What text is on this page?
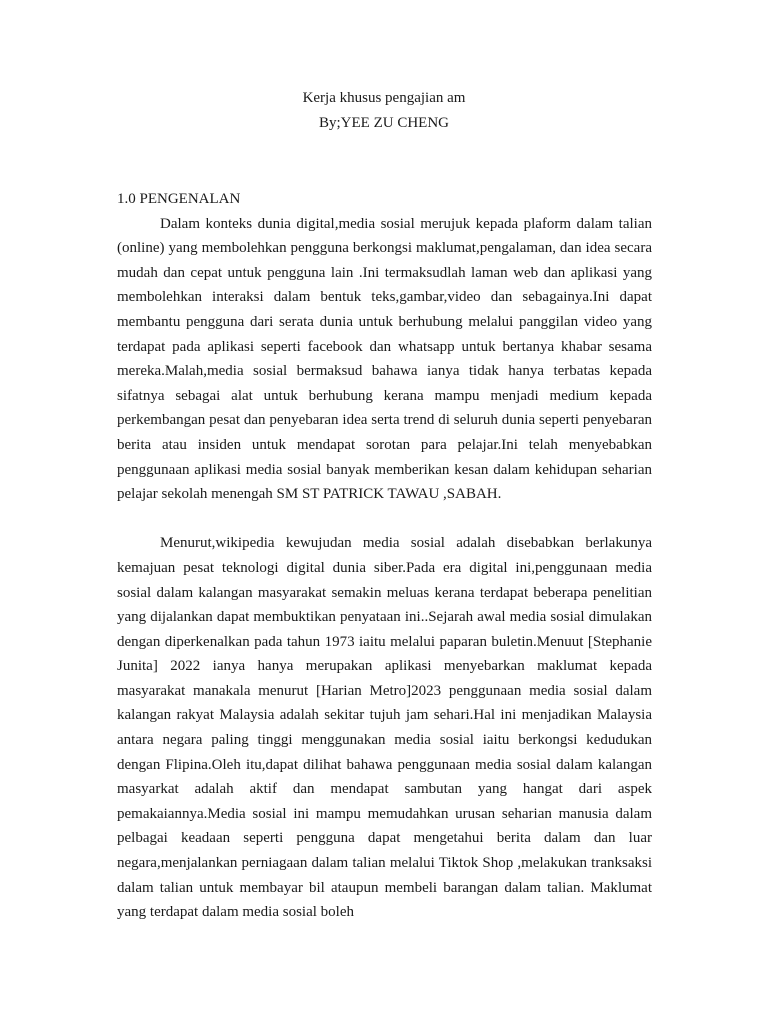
Kerja khusus pengajian am
By;YEE ZU CHENG
1.0 PENGENALAN

Dalam konteks dunia digital,media sosial merujuk kepada plaform dalam talian (online) yang membolehkan pengguna berkongsi maklumat,pengalaman, dan idea secara mudah dan cepat untuk pengguna lain .Ini termaksudlah laman web dan aplikasi yang membolehkan interaksi dalam bentuk teks,gambar,video dan sebagainya.Ini dapat membantu pengguna dari serata dunia untuk berhubung melalui panggilan video yang terdapat pada aplikasi seperti facebook dan whatsapp untuk bertanya khabar sesama mereka.Malah,media sosial bermaksud bahawa ianya tidak hanya terbatas kepada sifatnya sebagai alat untuk berhubung kerana mampu menjadi medium kepada perkembangan pesat dan penyebaran idea serta trend di seluruh dunia seperti penyebaran berita atau insiden untuk mendapat sorotan para pelajar.Ini telah menyebabkan penggunaan aplikasi media sosial banyak memberikan kesan dalam kehidupan seharian pelajar sekolah menengah SM ST PATRICK TAWAU ,SABAH.

Menurut,wikipedia kewujudan media sosial adalah disebabkan berlakunya kemajuan pesat teknologi digital dunia siber.Pada era digital ini,penggunaan media sosial dalam kalangan masyarakat semakin meluas kerana terdapat beberapa penelitian yang dijalankan dapat membuktikan penyataan ini..Sejarah awal media sosial dimulakan dengan diperkenalkan pada tahun 1973 iaitu melalui paparan buletin.Menuut [Stephanie Junita] 2022 ianya hanya merupakan aplikasi menyebarkan maklumat kepada masyarakat manakala menurut [Harian Metro]2023 penggunaan media sosial dalam kalangan rakyat Malaysia adalah sekitar tujuh jam sehari.Hal ini menjadikan Malaysia antara negara paling tinggi menggunakan media sosial iaitu berkongsi kedudukan dengan Flipina.Oleh itu,dapat dilihat bahawa penggunaan media sosial dalam kalangan masyarkat adalah aktif dan mendapat sambutan yang hangat dari aspek pemakaiannya.Media sosial ini mampu memudahkan urusan seharian manusia dalam pelbagai keadaan seperti pengguna dapat mengetahui berita dalam dan luar negara,menjalankan perniagaan dalam talian melalui Tiktok Shop ,melakukan tranksaksi dalam talian untuk membayar bil ataupun membeli barangan dalam talian. Maklumat yang terdapat dalam media sosial boleh
